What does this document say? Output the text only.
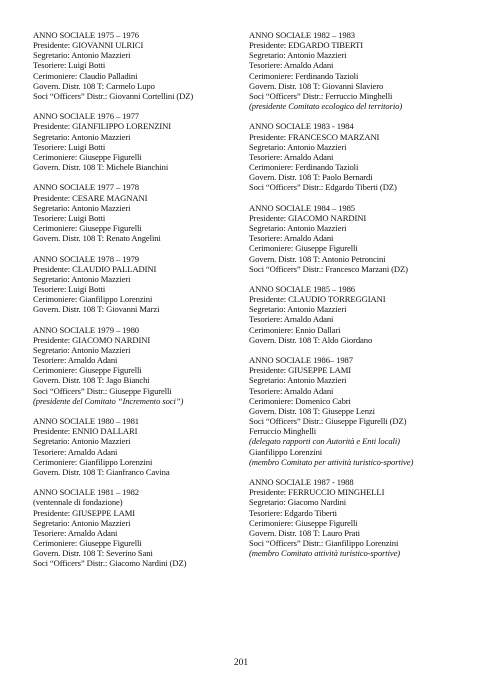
ANNO SOCIALE 1975 – 1976
Presidente: GIOVANNI ULRICI
Segretario: Antonio Mazzieri
Tesoriere: Luigi Botti
Cerimoniere: Claudio Palladini
Govern. Distr. 108 T: Carmelo Lupo
Soci “Officers” Distr.: Giovanni Cortellini (DZ)
ANNO SOCIALE 1976 – 1977
Presidente: GIANFILIPPO LORENZINI
Segretario: Antonio Mazzieri
Tesoriere: Luigi Botti
Cerimoniere: Giuseppe Figurelli
Govern. Distr. 108 T: Michele Bianchini
ANNO SOCIALE 1977 – 1978
Presidente: CESARE MAGNANI
Segretario: Antonio Mazzieri
Tesoriere: Luigi Botti
Cerimoniere: Giuseppe Figurelli
Govern. Distr. 108 T: Renato Angelini
ANNO SOCIALE 1978 – 1979
Presidente: CLAUDIO PALLADINI
Segretario: Antonio Mazzieri
Tesoriere: Luigi Botti
Cerimoniere: Gianfilippo Lorenzini
Govern. Distr. 108 T: Giovanni Marzi
ANNO SOCIALE 1979 – 1980
Presidente: GIACOMO NARDINI
Segretario: Antonio Mazzieri
Tesoriere: Arnaldo Adani
Cerimoniere: Giuseppe Figurelli
Govern. Distr. 108 T: Jago Bianchi
Soci “Officers” Distr.: Giuseppe Figurelli
(presidente del Comitato “Incremento soci”)
ANNO SOCIALE 1980 – 1981
Presidente: ENNIO DALLARI
Segretario: Antonio Mazzieri
Tesoriere: Arnaldo Adani
Cerimoniere: Gianfilippo Lorenzini
Govern. Distr. 108 T: Gianfranco Cavina
ANNO SOCIALE 1981 – 1982
(ventennale di fondazione)
Presidente: GIUSEPPE LAMI
Segretario: Antonio Mazzieri
Tesoriere: Arnaldo Adani
Cerimoniere: Giuseppe Figurelli
Govern. Distr. 108 T: Severino Sani
Soci “Officers” Distr.: Giacomo Nardini (DZ)
ANNO SOCIALE 1982 – 1983
Presidente: EDGARDO TIBERTI
Segretario: Antonio Mazzieri
Tesoriere: Arnaldo Adani
Cerimoniere: Ferdinando Tazioli
Govern. Distr. 108 T: Giovanni Slaviero
Soci “Officers” Distr.: Ferruccio Minghelli
(presidente Comitato ecologico del territorio)
ANNO SOCIALE 1983 - 1984
Presidente: FRANCESCO MARZANI
Segretario: Antonio Mazzieri
Tesoriere: Arnaldo Adani
Cerimoniere: Ferdinando Tazioli
Govern. Distr. 108 T: Paolo Bernardi
Soci “Officers” Distr.: Edgardo Tiberti (DZ)
ANNO SOCIALE 1984 – 1985
Presidente: GIACOMO NARDINI
Segretario: Antonio Mazzieri
Tesoriere: Arnaldo Adani
Cerimoniere: Giuseppe Figurelli
Govern. Distr. 108 T: Antonio Petroncini
Soci “Officers” Distr.: Francesco Marzani (DZ)
ANNO SOCIALE 1985 – 1986
Presidente: CLAUDIO TORREGGIANI
Segretario: Antonio Mazzieri
Tesoriere: Arnaldo Adani
Cerimoniere: Ennio Dallari
Govern. Distr. 108 T: Aldo Giordano
ANNO SOCIALE 1986– 1987
Presidente: GIUSEPPE LAMI
Segretario: Antonio Mazzieri
Tesoriere: Arnaldo Adani
Cerimoniere: Domenico Cabri
Govern. Distr. 108 T: Giuseppe Lenzi
Soci “Officers” Distr.: Giuseppe Figurelli (DZ)
Ferruccio Minghelli
(delegato rapporti con Autorità e Enti locali)
Gianfilippo Lorenzini
(membro Comitato per attività turistico-sportive)
ANNO SOCIALE 1987 - 1988
Presidente: FERRUCCIO MINGHELLI
Segretario: Giacomo Nardini
Tesoriere: Edgardo Tiberti
Cerimoniere: Giuseppe Figurelli
Govern. Distr. 108 T: Lauro Prati
Soci “Officers” Distr.: Gianfilippo Lorenzini
(membro Comitato attività turistico-sportive)
201
